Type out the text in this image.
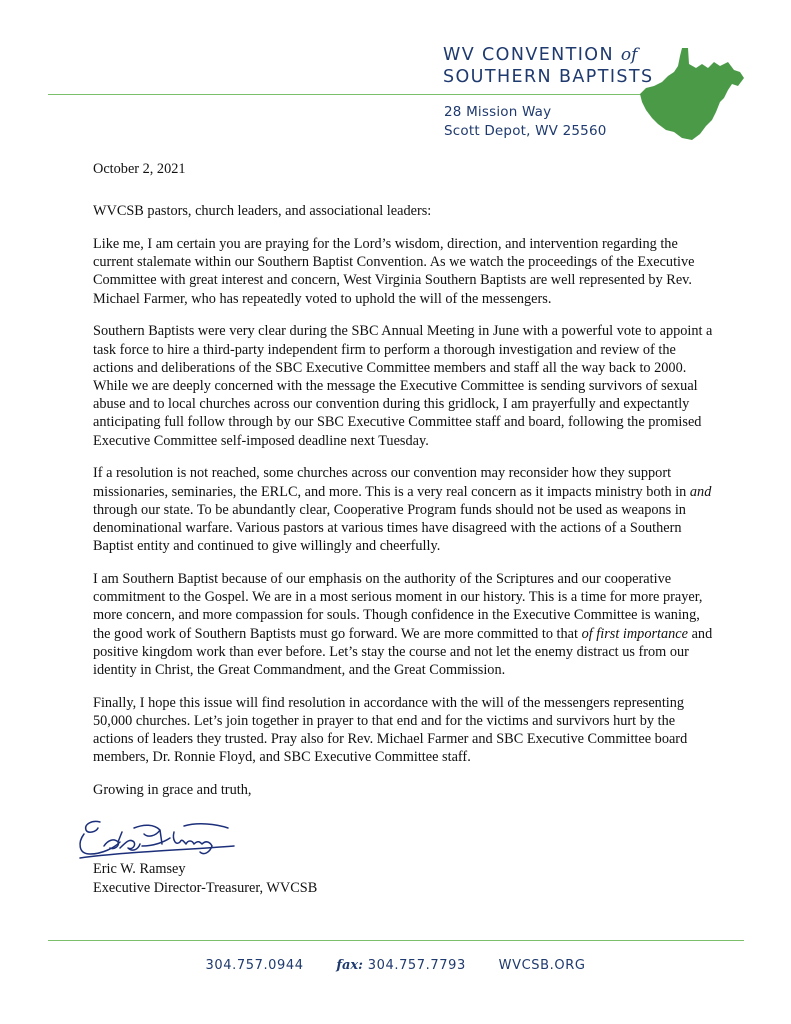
WV CONVENTION of
SOUTHERN BAPTISTS
28 Mission Way
Scott Depot, WV 25560

October 2, 2021

WVCSB pastors, church leaders, and associational leaders:

Like me, I am certain you are praying for the Lord’s wisdom, direction, and intervention regarding the current stalemate within our Southern Baptist Convention. As we watch the proceedings of the Executive Committee with great interest and concern, West Virginia Southern Baptists are well represented by Rev. Michael Farmer, who has repeatedly voted to uphold the will of the messengers.

Southern Baptists were very clear during the SBC Annual Meeting in June with a powerful vote to appoint a task force to hire a third-party independent firm to perform a thorough investigation and review of the actions and deliberations of the SBC Executive Committee members and staff all the way back to 2000. While we are deeply concerned with the message the Executive Committee is sending survivors of sexual abuse and to local churches across our convention during this gridlock, I am prayerfully and expectantly anticipating full follow through by our SBC Executive Committee staff and board, following the promised Executive Committee self-imposed deadline next Tuesday.

If a resolution is not reached, some churches across our convention may reconsider how they support missionaries, seminaries, the ERLC, and more. This is a very real concern as it impacts ministry both in and through our state. To be abundantly clear, Cooperative Program funds should not be used as weapons in denominational warfare. Various pastors at various times have disagreed with the actions of a Southern Baptist entity and continued to give willingly and cheerfully.

I am Southern Baptist because of our emphasis on the authority of the Scriptures and our cooperative commitment to the Gospel. We are in a most serious moment in our history. This is a time for more prayer, more concern, and more compassion for souls. Though confidence in the Executive Committee is waning, the good work of Southern Baptists must go forward. We are more committed to that of first importance and positive kingdom work than ever before. Let’s stay the course and not let the enemy distract us from our identity in Christ, the Great Commandment, and the Great Commission.

Finally, I hope this issue will find resolution in accordance with the will of the messengers representing 50,000 churches. Let’s join together in prayer to that end and for the victims and survivors hurt by the actions of leaders they trusted. Pray also for Rev. Michael Farmer and SBC Executive Committee board members, Dr. Ronnie Floyd, and SBC Executive Committee staff.

Growing in grace and truth,

Eric W. Ramsey
Executive Director-Treasurer, WVCSB
304.757.0944	fax: 304.757.7793	WVCSB.ORG
